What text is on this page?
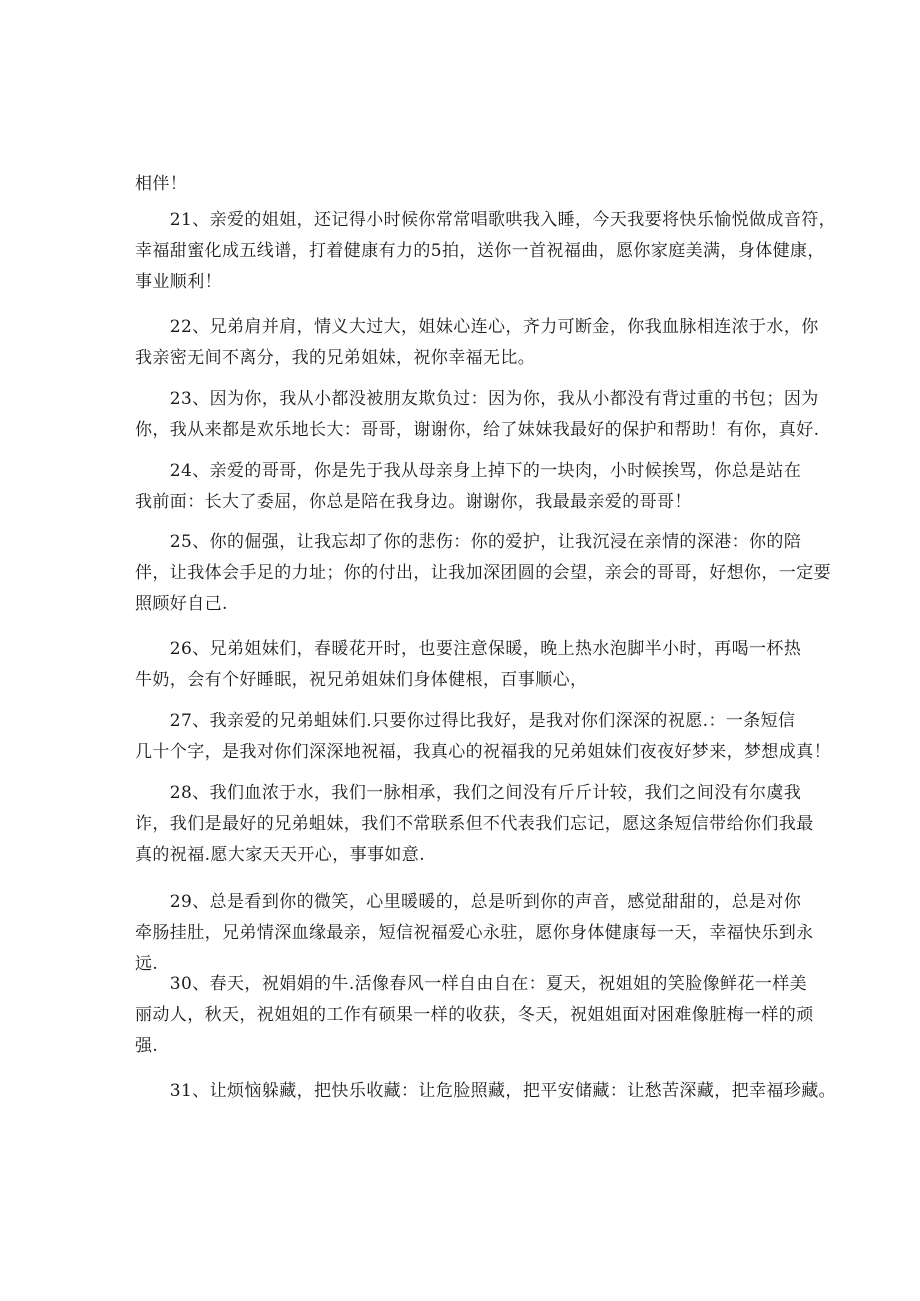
相伴！
　　21、亲爱的姐姐，还记得小时候你常常唱歌哄我入睡，今天我要将快乐愉悦做成音符，
幸福甜蜜化成五线谱，打着健康有力的5拍，送你一首祝福曲，愿你家庭美满，身体健康，
事业顺利！
　　22、兄弟肩并肩，情义大过大，姐妹心连心，齐力可断金，你我血脉相连浓于水，你
我亲密无间不离分，我的兄弟姐妹，祝你幸福无比。
　　23、因为你，我从小都没被朋友欺负过：因为你，我从小都没有背过重的书包；因为
你，我从来都是欢乐地长大：哥哥，谢谢你，给了妹妹我最好的保护和帮助！有你，真好.
　　24、亲爱的哥哥，你是先于我从母亲身上掉下的一块肉，小时候挨骂，你总是站在
我前面：长大了委屈，你总是陪在我身边。谢谢你，我最最亲爱的哥哥！
　　25、你的倔强，让我忘却了你的悲伤：你的爱护，让我沉浸在亲情的深港：你的陪
伴，让我体会手足的力址；你的付出，让我加深团圆的会望，亲会的哥哥，好想你，一定要
照顾好自己.
　　26、兄弟姐妹们，春暖花开时，也要注意保暖，晚上热水泡脚半小时，再喝一杯热
牛奶，会有个好睡眠，祝兄弟姐妹们身体健根，百事顺心，
　　27、我亲爱的兄弟蛆妹们.只要你过得比我好，是我对你们深深的祝愿.：一条短信
几十个字，是我对你们深深地祝福，我真心的祝福我的兄弟姐妹们夜夜好梦来，梦想成真！
　　28、我们血浓于水，我们一脉相承，我们之间没有斤斤计较，我们之间没有尔虞我
诈，我们是最好的兄弟蛆妹，我们不常联系但不代表我们忘记，愿这条短信带给你们我最
真的祝福.愿大家天天开心，事事如意.
　　29、总是看到你的微笑，心里暖暖的，总是听到你的声音，感觉甜甜的，总是对你
牵肠挂肚，兄弟情深血缘最亲，短信祝福爱心永驻，愿你身体健康每一天，幸福快乐到永
远.
　　30、春天，祝娟娟的牛.活像春风一样自由自在：夏天，祝姐姐的笑脸像鲜花一样美
丽动人，秋天，祝姐姐的工作有硕果一样的收获，冬天，祝姐姐面对困难像脏梅一样的顽
强.
　　31、让烦恼躲藏，把快乐收藏：让危脸照藏，把平安储藏：让愁苦深藏，把幸福珍藏。
